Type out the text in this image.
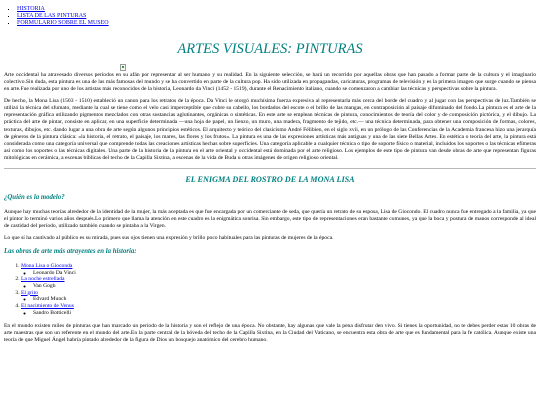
▪ HISTORIA
▪ LISTA DE LAS PINTURAS
▪ FORMULARIO SOBRE EL MUSEO
ARTES VISUALES: PINTURAS

Arte occidental ha atravesado diversos períodos en su afán por representar al ser humano y su realidad. En la siguiente selección, se hará un recorrido por aquellas obras que han pasado a formar parte de la cultura y el imaginario colectivo.Sin duda, esta pintura es una de las más famosas del mundo y se ha convertido en parte de la cultura pop. Ha sido utilizada en propagandas, caricaturas, programas de televisión y es la primera imagen que surge cuando se piensa en arte.Fue realizada por uno de los artistas más reconocidos de la historia, Leonardo da Vinci (1452 - 1519), durante el Renacimiento italiano, cuando se comenzaron a cambiar las técnicas y perspectivas sobre la pintura.

De hecho, la Mona Lisa (1503 - 1510) estableció un canon para los retratos de la época. Da Vinci le otorgó muchísima fuerza expresiva al representarla más cerca del borde del cuadro y al jugar con las perspectivas de luz.También se utilizó la técnica del sfumato, mediante la cual se tiene como el velo casi imperceptible que cubre su cabello, los bordados del escote o el brillo de las mangas, en contraposición al paisaje difuminado del fondo.La pintura es el arte de la representación gráfica utilizando pigmentos mezclados con otras sustancias aglutinantes, orgánicas o sintéticas. En este arte se emplean técnicas de pintura, conocimientos de teoría del color y de composición pictórica, y el dibujo. La práctica del arte de pintar, consiste en aplicar, en una superficie determinada —una hoja de papel, un lienzo, un muro, una madera, fragmento de tejido, etc.— una técnica determinada, para obtener una composición de formas, colores, texturas, dibujos, etc. dando lugar a una obra de arte según algunos principios estéticos. El arquitecto y teórico del clasicismo André Félibien, en el siglo xvii, en un prólogo de las Conferencias de la Academia francesa hizo una jerarquía de géneros de la pintura clásica: «la historia, el retrato, el paisaje, los mares, las flores y los frutos». La pintura es una de las expresiones artísticas más antiguas y una de las siete Bellas Artes. En estética o teoría del arte, la pintura está considerada como una categoría universal que comprende todas las creaciones artísticas hechas sobre superficies. Una categoría aplicable a cualquier técnica o tipo de soporte físico o material, incluidos los soportes o las técnicas efímeras así como los soportes o las técnicas digitales. Una parte de la historia de la pintura en el arte oriental y occidental está dominada por el arte religioso. Los ejemplos de este tipo de pintura van desde obras de arte que representan figuras mitológicas en cerámica, a escenas bíblicas del techo de la Capilla Sixtina, a escenas de la vida de Buda u otras imágenes de origen religioso oriental.

EL ENIGMA DEL ROSTRO DE LA MONA LISA
¿Quién es la modelo?

Aunque hay muchas teorías alrededor de la identidad de la mujer, la más aceptada es que fue encargada por un comerciante de seda, que quería un retrato de su esposa, Lisa de Giocondo. El cuadro nunca fue entregado a la familia, ya que el pintor lo terminó varios años después.Lo primero que llama la atención en este cuadro es la enigmática sonrisa. Sin embargo, este tipo de representaciones eran bastante comunes, ya que la boca y postura de manos corresponde al ideal de castidad del período, utilizado también cuando se pintaba a la Virgen.

Lo que sí ha cautivado al público es su mirada, pues sus ojos tienen una expresión y brillo poco habituales para las pinturas de mujeres de la época.

Las obras de arte más atrayentes en la historia:
1. Mona Lisa o Gioconda
◦ Leonardo Da Vinci
2. La noche estrellada
◦ Van Gogh
3. El grito
◦ Edvard Munch
4. El nacimiento de Venus
◦ Sandro Botticelli

En el mundo existen miles de pinturas que han marcado un período de la historia y son el reflejo de una época. No obstante, hay algunas que vale la pena disfrutar den vivo. Si tienes la oportunidad, no te debes perder estas 10 obras de arte maestras que son un referente en el mundo del arte.En la parte central de la bóveda del techo de la Capilla Sixtina, en la Ciudad del Vaticano, se encuentra esta obra de arte que es fundamental para la fe católica. Aunque existe una teoría de que Miguel Ángel habría pintado alrededor de la figura de Dios un bosquejo anatómico del cerebro humano.
